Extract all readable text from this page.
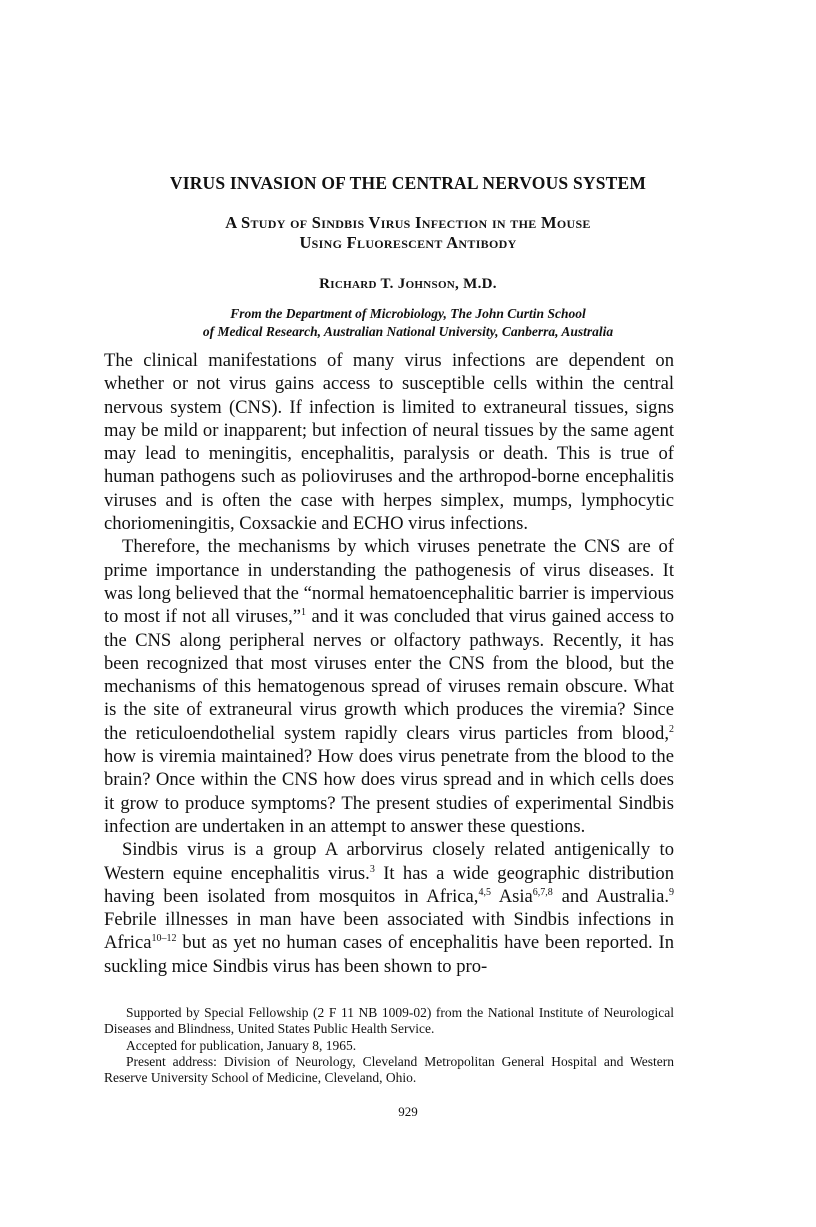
VIRUS INVASION OF THE CENTRAL NERVOUS SYSTEM
A Study of Sindbis Virus Infection in the Mouse
Using Fluorescent Antibody
Richard T. Johnson, M.D.
From the Department of Microbiology, The John Curtin School
of Medical Research, Australian National University, Canberra, Australia

The clinical manifestations of many virus infections are dependent on whether or not virus gains access to susceptible cells within the central nervous system (CNS). If infection is limited to extraneural tissues, signs may be mild or inapparent; but infection of neural tissues by the same agent may lead to meningitis, encephalitis, paralysis or death. This is true of human pathogens such as polioviruses and the arthropod-borne encephalitis viruses and is often the case with herpes simplex, mumps, lymphocytic choriomeningitis, Coxsackie and ECHO virus infections.

Therefore, the mechanisms by which viruses penetrate the CNS are of prime importance in understanding the pathogenesis of virus diseases. It was long believed that the “normal hematoencephalitic barrier is impervious to most if not all viruses,”$^1$ and it was concluded that virus gained access to the CNS along peripheral nerves or olfactory pathways. Recently, it has been recognized that most viruses enter the CNS from the blood, but the mechanisms of this hematogenous spread of viruses remain obscure. What is the site of extraneural virus growth which produces the viremia? Since the reticuloendothelial system rapidly clears virus particles from blood,$^2$ how is viremia maintained? How does virus penetrate from the blood to the brain? Once within the CNS how does virus spread and in which cells does it grow to produce symptoms? The present studies of experimental Sindbis infection are undertaken in an attempt to answer these questions.

Sindbis virus is a group A arborvirus closely related antigenically to Western equine encephalitis virus.$^3$ It has a wide geographic distribution having been isolated from mosquitos in Africa,$^{4,5}$ Asia$^{6,7,8}$ and Australia.$^9$ Febrile illnesses in man have been associated with Sindbis infections in Africa$^{10-12}$ but as yet no human cases of encephalitis have been reported. In suckling mice Sindbis virus has been shown to pro-

Supported by Special Fellowship (2 F 11 NB 1009-02) from the National Institute of Neurological Diseases and Blindness, United States Public Health Service.

Accepted for publication, January 8, 1965.

Present address: Division of Neurology, Cleveland Metropolitan General Hospital and Western Reserve University School of Medicine, Cleveland, Ohio.

929
